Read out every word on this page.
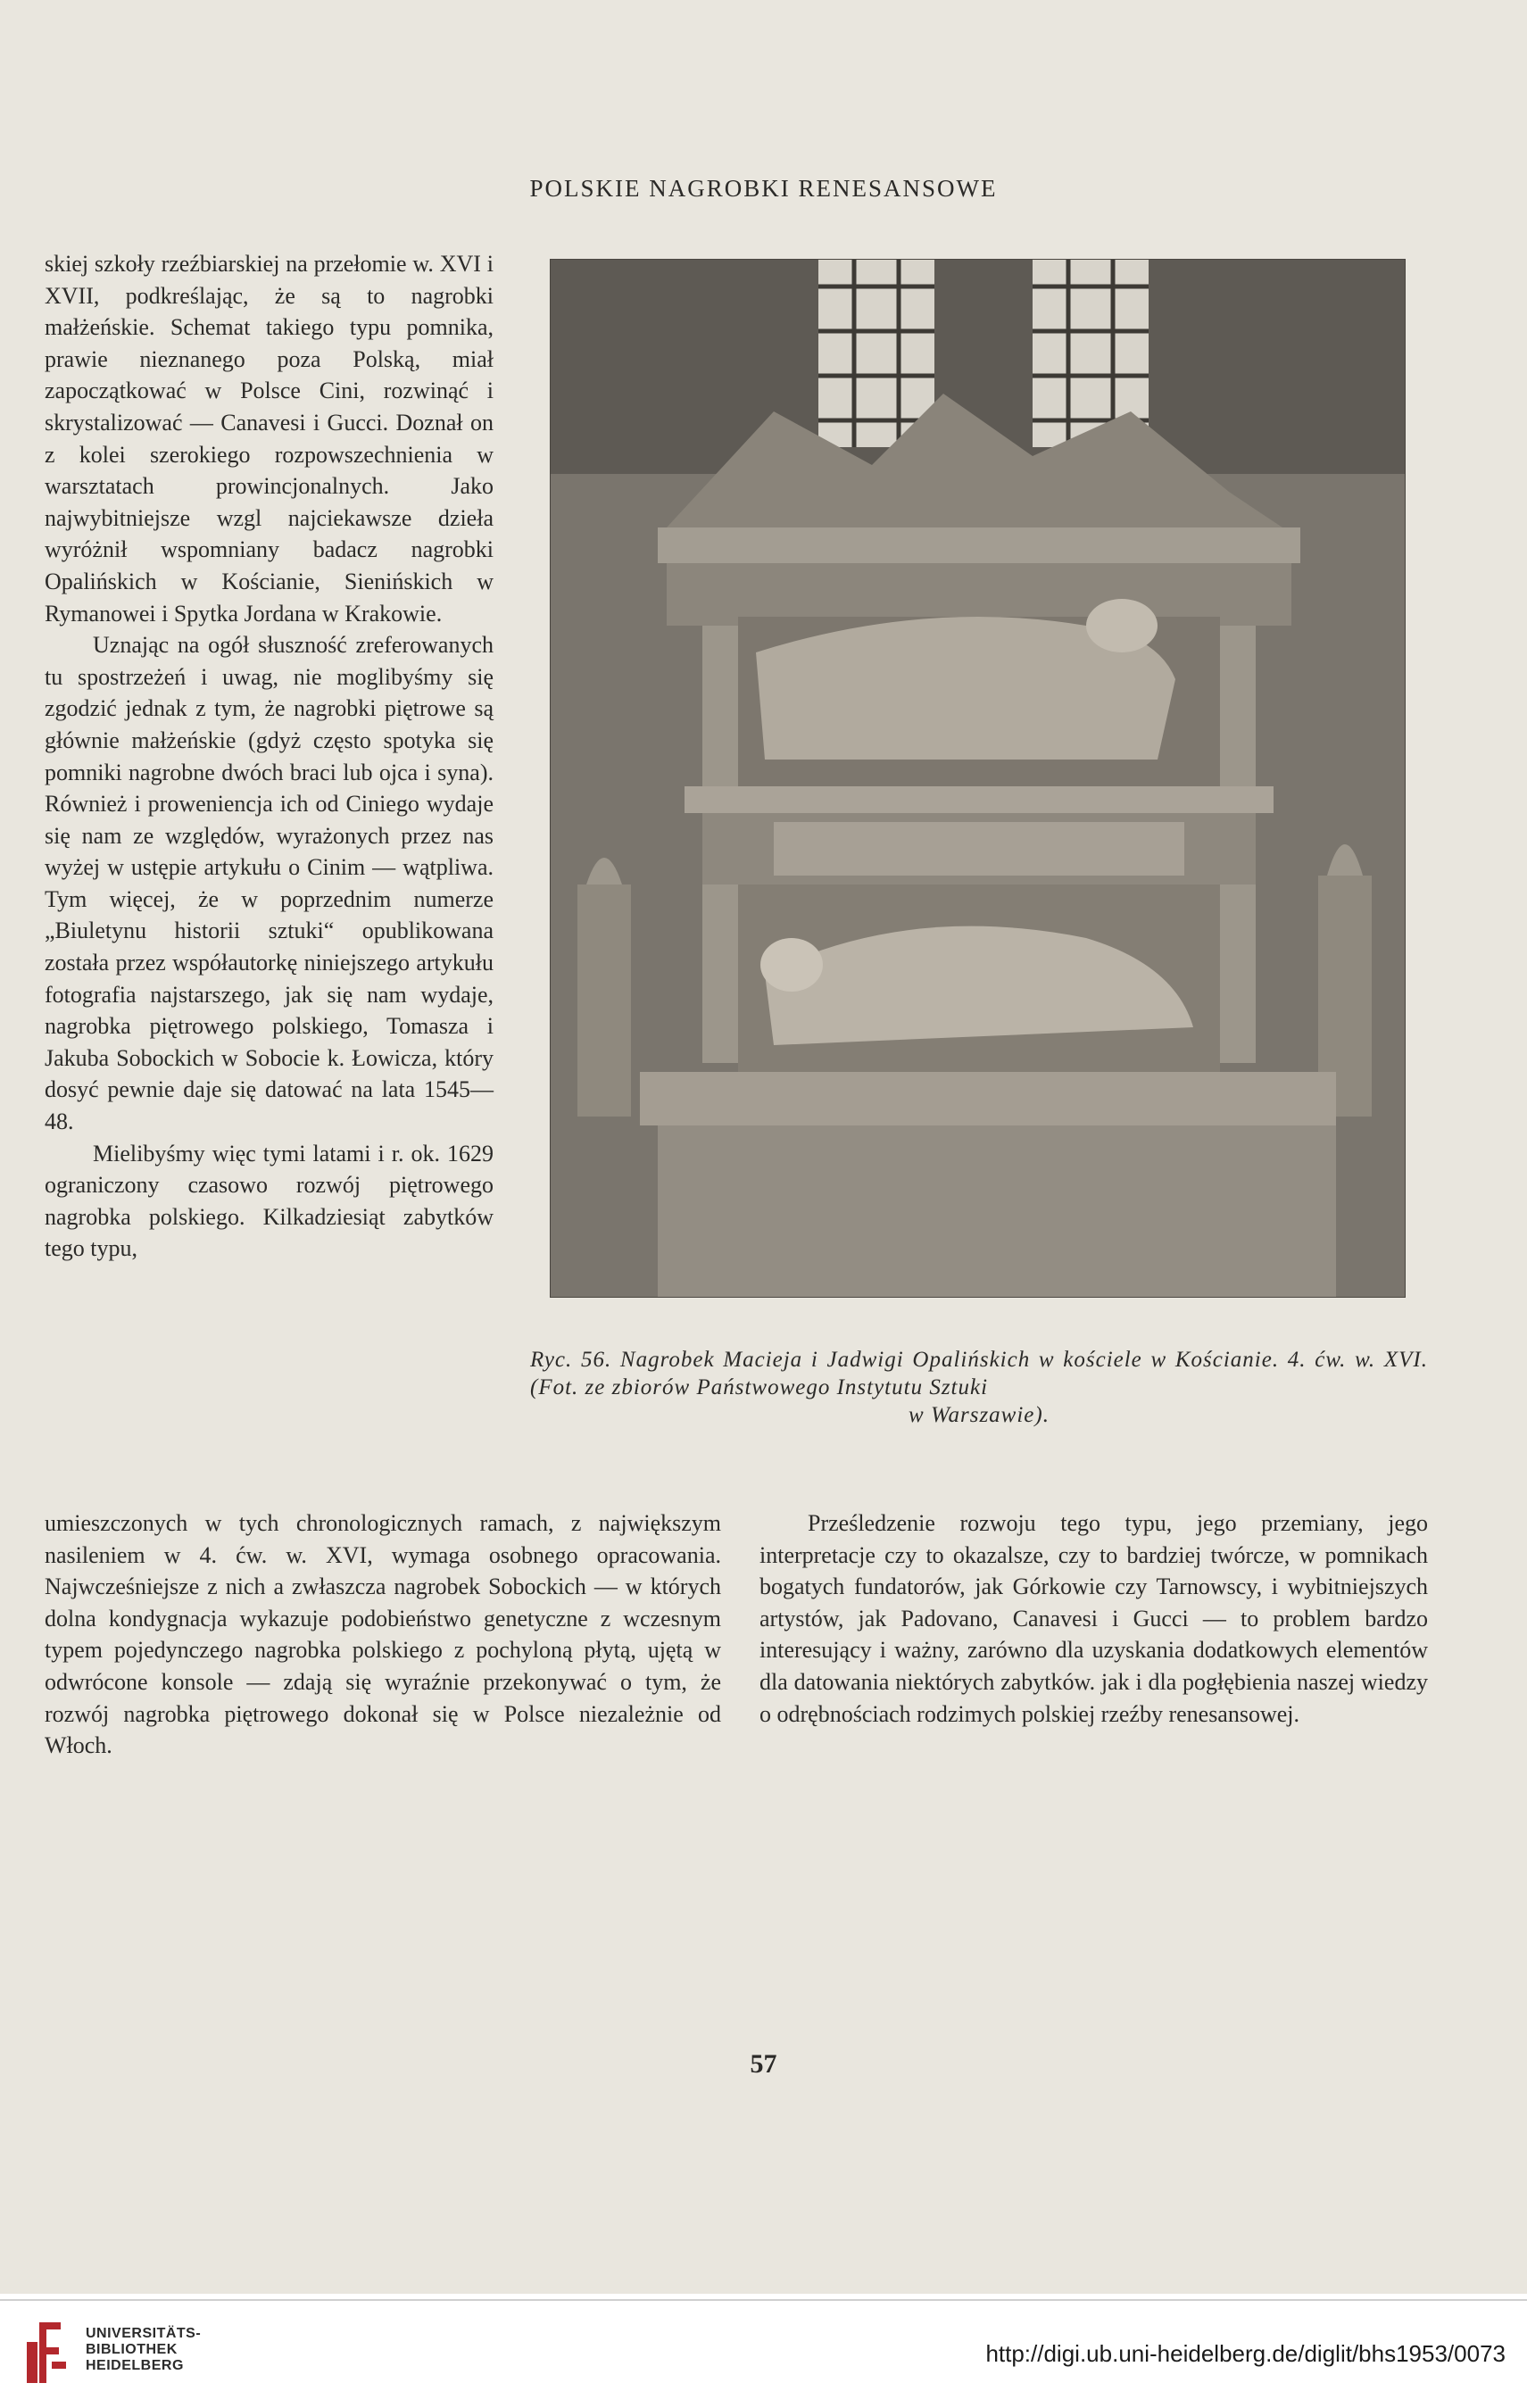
POLSKIE NAGROBKI RENESANSOWE

skiej szkoły rzeźbiarskiej na przełomie w. XVI i XVII, podkreślając, że są to nagrobki małżeńskie. Schemat takiego typu pomnika, prawie nieznanego poza Polską, miał zapoczątkować w Polsce Cini, rozwinąć i skrystalizować — Canavesi i Gucci. Doznał on z kolei szerokiego rozpowszechnienia w warsztatach prowincjonalnych. Jako najwybitniejsze wzgl najciekawsze dzieła wyróżnił wspomniany badacz nagrobki Opalińskich w Kościanie, Sienińskich w Rymanowei i Spytka Jordana w Krakowie.

Uznając na ogół słuszność zreferowanych tu spostrzeżeń i uwag, nie moglibyśmy się zgodzić jednak z tym, że nagrobki piętrowe są głównie małżeńskie (gdyż często spotyka się pomniki nagrobne dwóch braci lub ojca i syna). Również i proweniencja ich od Ciniego wydaje się nam ze względów, wyrażonych przez nas wyżej w ustępie artykułu o Cinim — wątpliwa. Tym więcej, że w poprzednim numerze „Biuletynu historii sztuki“ opublikowana została przez współautorkę niniejszego artykułu fotografia najstarszego, jak się nam wydaje, nagrobka piętrowego polskiego, Tomasza i Jakuba Sobockich w Sobocie k. Łowicza, który dosyć pewnie daje się datować na lata 1545—48.

Mielibyśmy więc tymi latami i r. ok. 1629 ograniczony czasowo rozwój piętrowego nagrobka polskiego. Kilkadziesiąt zabytków tego typu,

Ryc. 56. Nagrobek Macieja i Jadwigi Opalińskich w kościele w Kościanie. 4. ćw. w. XVI. (Fot. ze zbiorów Państwowego Instytutu Sztuki
w Warszawie).

umieszczonych w tych chronologicznych ramach, z największym nasileniem w 4. ćw. w. XVI, wymaga osobnego opracowania. Najwcześniejsze z nich a zwłaszcza nagrobek Sobockich — w których dolna kondygnacja wykazuje podobieństwo genetyczne z wczesnym typem pojedynczego nagrobka polskiego z pochyloną płytą, ujętą w odwrócone konsole — zdają się wyraźnie przekonywać o tym, że rozwój nagrobka piętrowego dokonał się w Polsce niezależnie od Włoch.

Prześledzenie rozwoju tego typu, jego przemiany, jego interpretacje czy to okazalsze, czy to bardziej twórcze, w pomnikach bogatych fundatorów, jak Górkowie czy Tarnowscy, i wybitniejszych artystów, jak Padovano, Canavesi i Gucci — to problem bardzo interesujący i ważny, zarówno dla uzyskania dodatkowych elementów dla datowania niektórych zabytków. jak i dla pogłębienia naszej wiedzy o odrębnościach rodzimych polskiej rzeźby renesansowej.

57
UNIVERSITÄTS-
BIBLIOTHEK
HEIDELBERG	http://digi.ub.uni-heidelberg.de/diglit/bhs1953/0073
